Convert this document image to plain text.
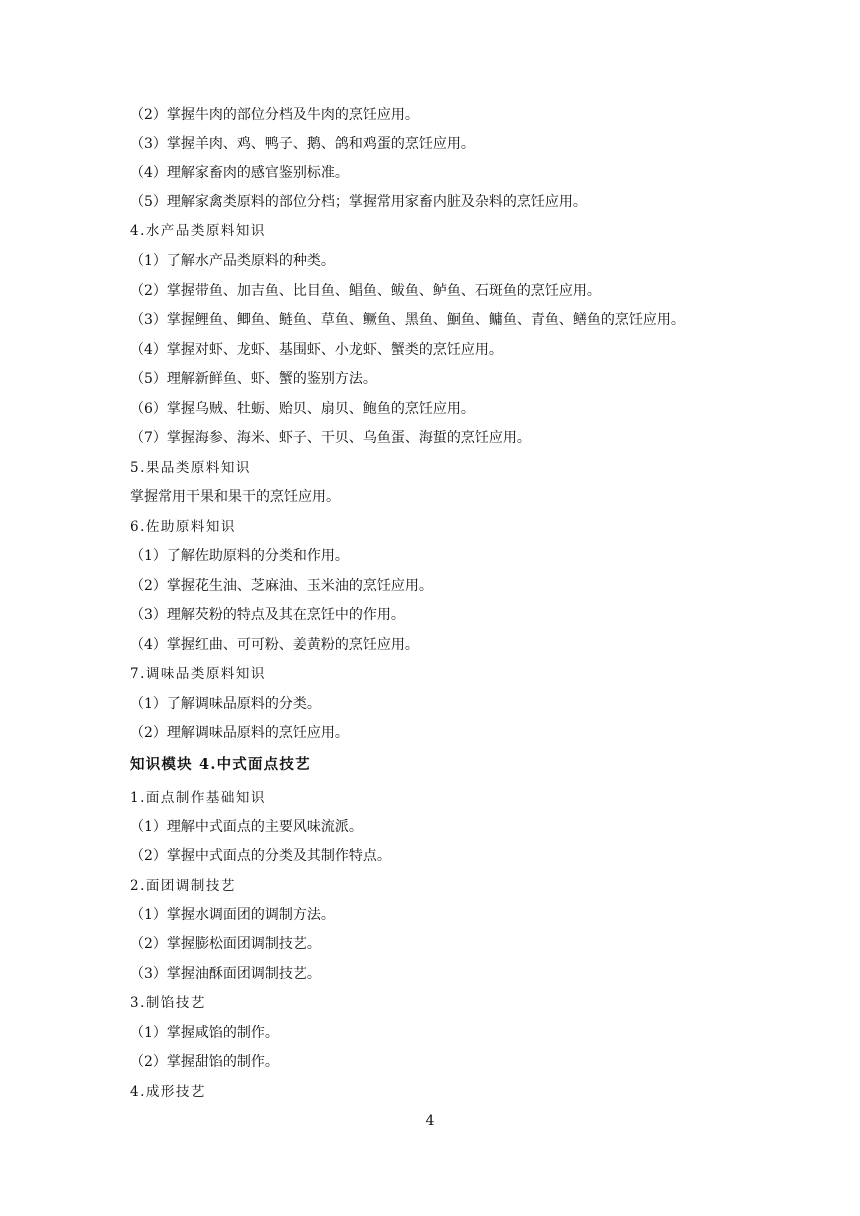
（2）掌握牛肉的部位分档及牛肉的烹饪应用。
（3）掌握羊肉、鸡、鸭子、鹅、鸽和鸡蛋的烹饪应用。
（4）理解家畜肉的感官鉴别标准。
（5）理解家禽类原料的部位分档；掌握常用家畜内脏及杂料的烹饪应用。
4.水产品类原料知识
（1）了解水产品类原料的种类。
（2）掌握带鱼、加吉鱼、比目鱼、鲳鱼、鲅鱼、鲈鱼、石斑鱼的烹饪应用。
（3）掌握鲤鱼、鲫鱼、鲢鱼、草鱼、鳜鱼、黑鱼、鮰鱼、鳙鱼、青鱼、鳝鱼的烹饪应用。
（4）掌握对虾、龙虾、基围虾、小龙虾、蟹类的烹饪应用。
（5）理解新鲜鱼、虾、蟹的鉴别方法。
（6）掌握乌贼、牡蛎、贻贝、扇贝、鲍鱼的烹饪应用。
（7）掌握海参、海米、虾子、干贝、乌鱼蛋、海蜇的烹饪应用。
5.果品类原料知识
掌握常用干果和果干的烹饪应用。
6.佐助原料知识
（1）了解佐助原料的分类和作用。
（2）掌握花生油、芝麻油、玉米油的烹饪应用。
（3）理解芡粉的特点及其在烹饪中的作用。
（4）掌握红曲、可可粉、姜黄粉的烹饪应用。
7.调味品类原料知识
（1）了解调味品原料的分类。
（2）理解调味品原料的烹饪应用。
知识模块 4.中式面点技艺
1.面点制作基础知识
（1）理解中式面点的主要风味流派。
（2）掌握中式面点的分类及其制作特点。
2.面团调制技艺
（1）掌握水调面团的调制方法。
（2）掌握膨松面团调制技艺。
（3）掌握油酥面团调制技艺。
3.制馅技艺
（1）掌握咸馅的制作。
（2）掌握甜馅的制作。
4.成形技艺
4
